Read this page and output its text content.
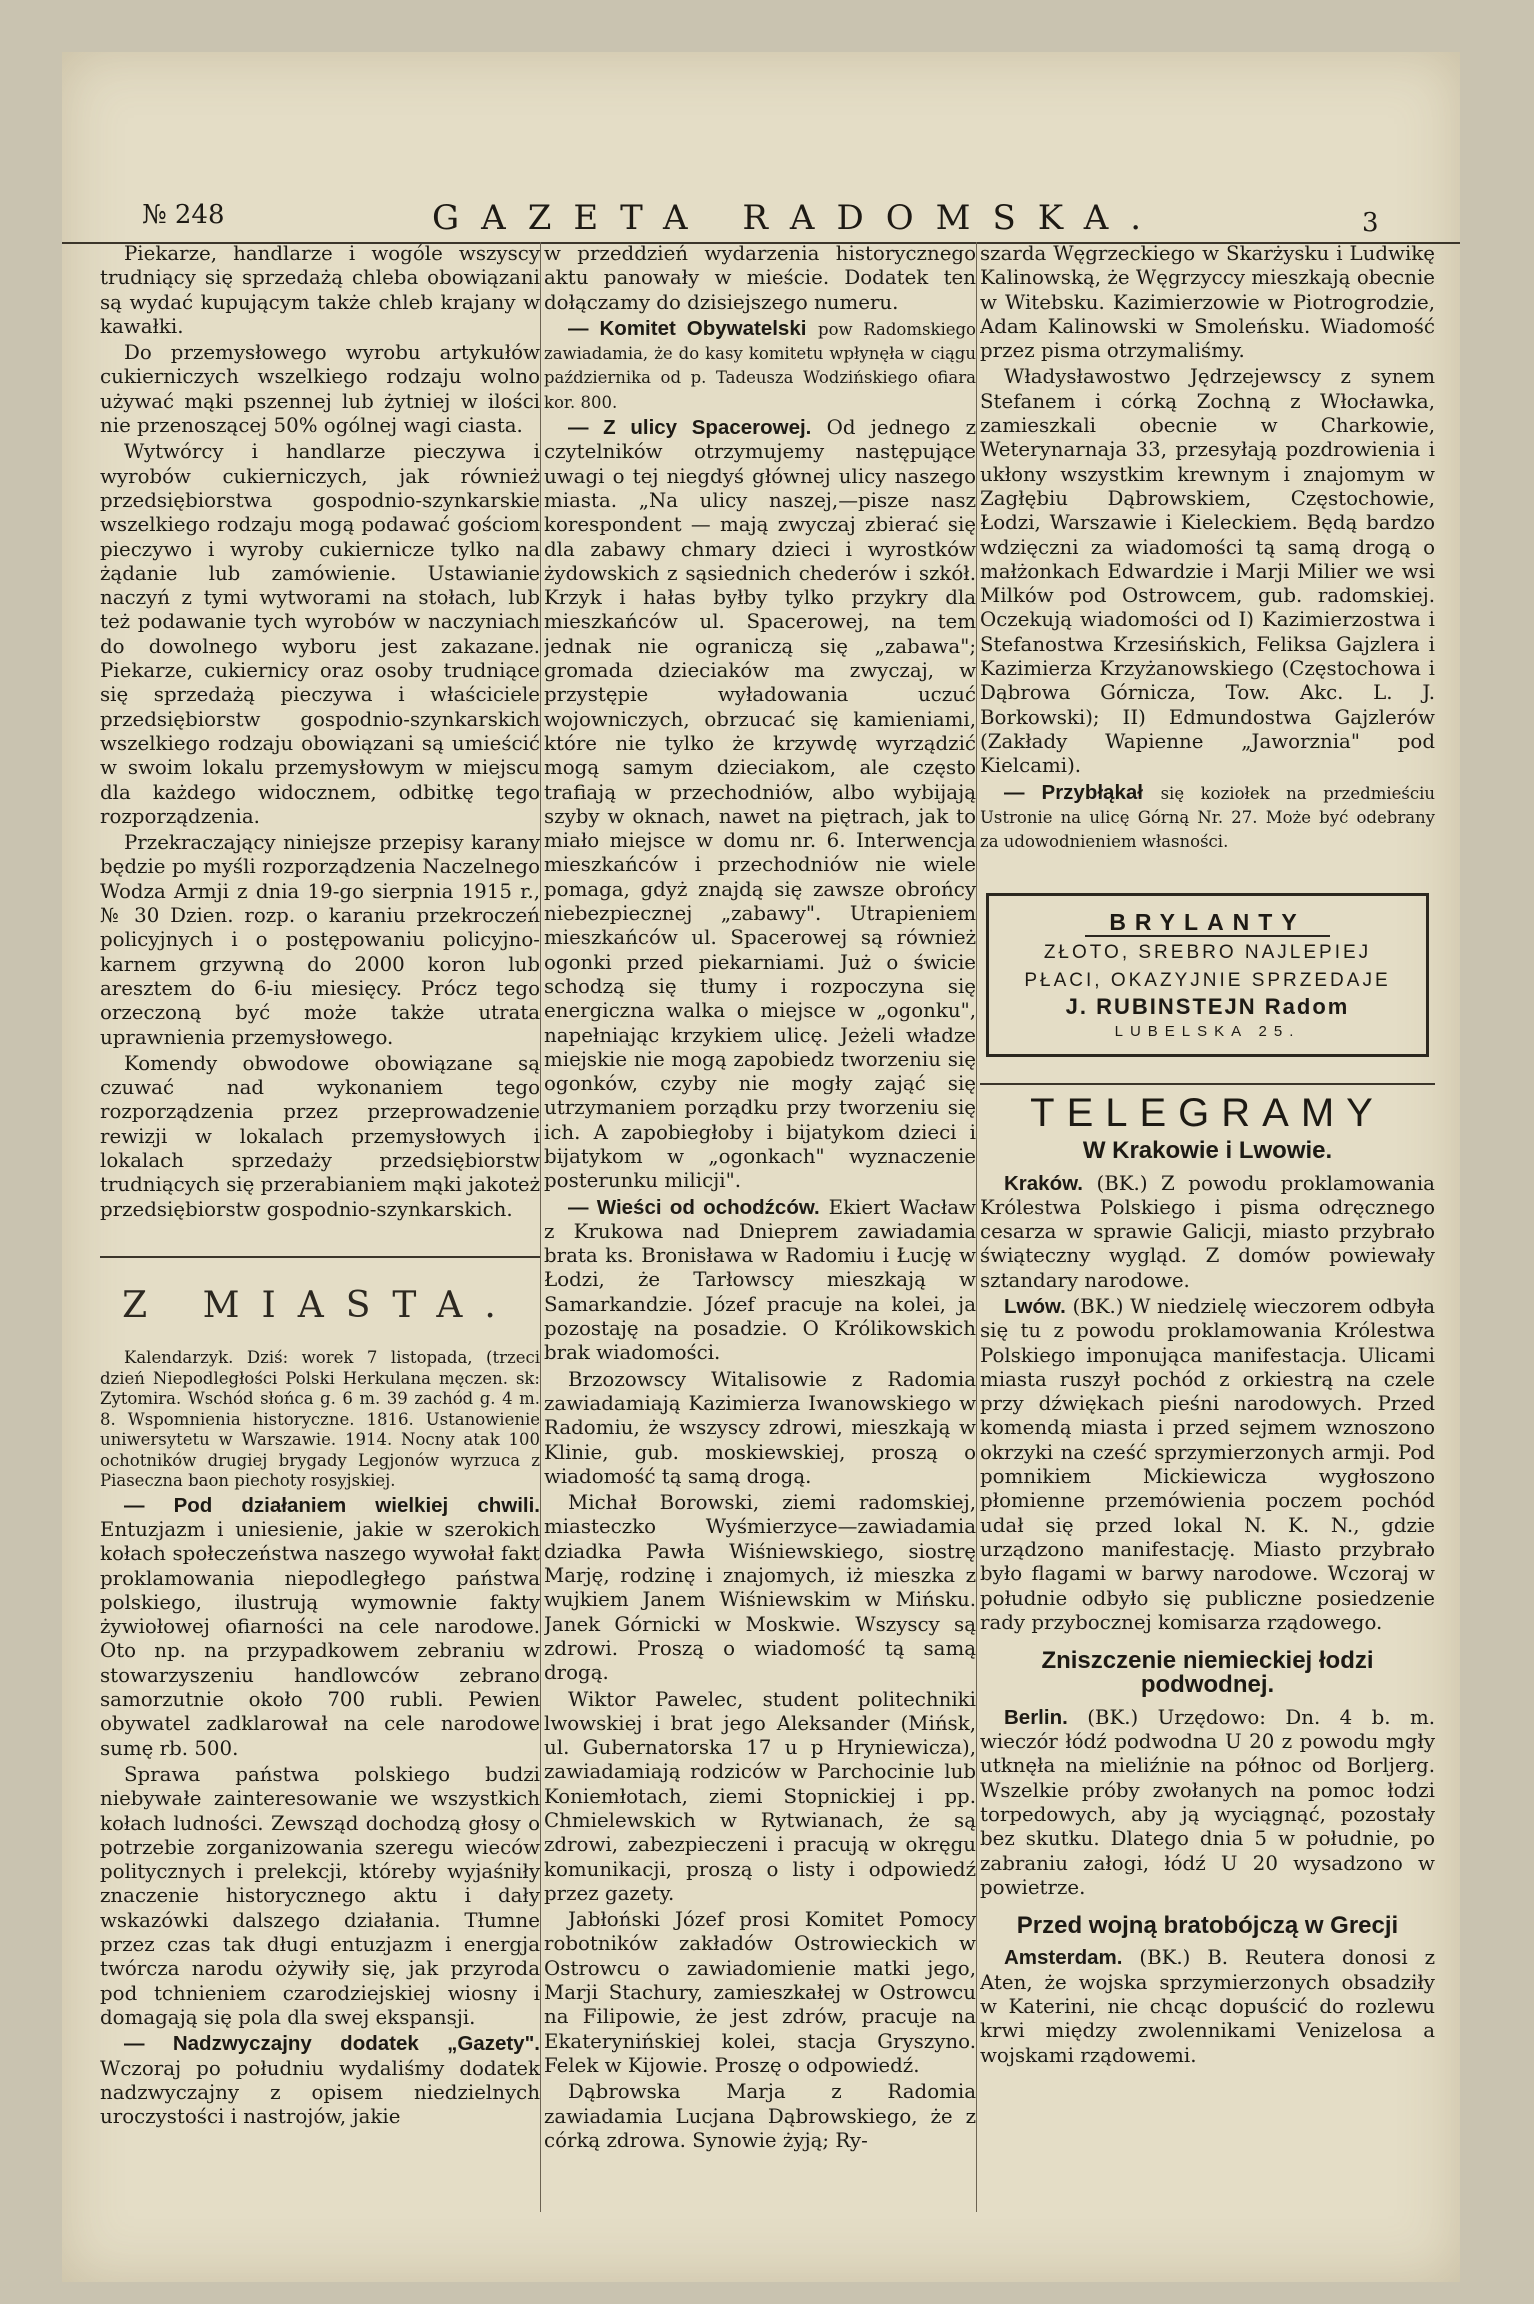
№ 248	GAZETA RADOMSKA.	3

Piekarze, handlarze i wogóle wszyscy trudniący się sprzedażą chleba obowiązani są wydać kupującym także chleb krajany w kawałki.

Do przemysłowego wyrobu artykułów cukierniczych wszelkiego rodzaju wolno używać mąki pszennej lub żytniej w ilości nie przenoszącej 50% ogólnej wagi ciasta.

Wytwórcy i handlarze pieczywa i wyrobów cukierniczych, jak również przedsiębiorstwa gospodnio-szynkarskie wszelkiego rodzaju mogą podawać gościom pieczywo i wyroby cukiernicze tylko na żądanie lub zamówienie. Ustawianie naczyń z tymi wytworami na stołach, lub też podawanie tych wyrobów w naczyniach do dowolnego wyboru jest zakazane. Piekarze, cukiernicy oraz osoby trudniące się sprzedażą pieczywa i właściciele przedsiębiorstw gospodnio-szynkarskich wszelkiego rodzaju obowiązani są umieścić w swoim lokalu przemysłowym w miejscu dla każdego widocznem, odbitkę tego rozporządzenia.

Przekraczający niniejsze przepisy karany będzie po myśli rozporządzenia Naczelnego Wodza Armji z dnia 19-go sierpnia 1915 r., № 30 Dzien. rozp. o karaniu przekroczeń policyjnych i o postępowaniu policyjno-karnem grzywną do 2000 koron lub aresztem do 6-iu miesięcy. Prócz tego orzeczoną być może także utrata uprawnienia przemysłowego.

Komendy obwodowe obowiązane są czuwać nad wykonaniem tego rozporządzenia przez przeprowadzenie rewizji w lokalach przemysłowych i lokalach sprzedaży przedsiębiorstw trudniących się przerabianiem mąki jakoteż przedsiębiorstw gospodnio-szynkarskich.

Z MIASTA.

Kalendarzyk. Dziś: worek 7 listopada, (trzeci dzień Niepodległości Polski Herkulana męczen. sk: Zytomira. Wschód słońca g. 6 m. 39 zachód g. 4 m. 8. Wspomnienia historyczne. 1816. Ustanowienie uniwersytetu w Warszawie. 1914. Nocny atak 100 ochotników drugiej brygady Legjonów wyrzuca z Piaseczna baon piechoty rosyjskiej.

— Pod działaniem wielkiej chwili. Entuzjazm i uniesienie, jakie w szerokich kołach społeczeństwa naszego wywołał fakt proklamowania niepodległego państwa polskiego, ilustrują wymownie fakty żywiołowej ofiarności na cele narodowe. Oto np. na przypadkowem zebraniu w stowarzyszeniu handlowców zebrano samorzutnie około 700 rubli. Pewien obywatel zadklarował na cele narodowe sumę rb. 500.

Sprawa państwa polskiego budzi niebywałe zainteresowanie we wszystkich kołach ludności. Zewsząd dochodzą głosy o potrzebie zorganizowania szeregu wieców politycznych i prelekcji, któreby wyjaśniły znaczenie historycznego aktu i dały wskazówki dalszego działania. Tłumne przez czas tak długi entuzjazm i energja twórcza narodu ożywiły się, jak przyroda pod tchnieniem czarodziejskiej wiosny i domagają się pola dla swej ekspansji.

— Nadzwyczajny dodatek „Gazety". Wczoraj po południu wydaliśmy dodatek nadzwyczajny z opisem niedzielnych uroczystości i nastrojów, jakie

w przeddzień wydarzenia historycznego aktu panowały w mieście. Dodatek ten dołączamy do dzisiejszego numeru.

— Komitet Obywatelski pow Radomskiego zawiadamia, że do kasy komitetu wpłynęła w ciągu października od p. Tadeusza Wodzińskiego ofiara kor. 800.

— Z ulicy Spacerowej. Od jednego z czytelników otrzymujemy następujące uwagi o tej niegdyś głównej ulicy naszego miasta. „Na ulicy naszej,—pisze nasz korespondent — mają zwyczaj zbierać się dla zabawy chmary dzieci i wyrostków żydowskich z sąsiednich chederów i szkół. Krzyk i hałas byłby tylko przykry dla mieszkańców ul. Spacerowej, na tem jednak nie ograniczą się „zabawa"; gromada dzieciaków ma zwyczaj, w przystępie wyładowania uczuć wojowniczych, obrzucać się kamieniami, które nie tylko że krzywdę wyrządzić mogą samym dzieciakom, ale często trafiają w przechodniów, albo wybijają szyby w oknach, nawet na piętrach, jak to miało miejsce w domu nr. 6. Interwencja mieszkańców i przechodniów nie wiele pomaga, gdyż znajdą się zawsze obrońcy niebezpiecznej „zabawy". Utrapieniem mieszkańców ul. Spacerowej są również ogonki przed piekarniami. Już o świcie schodzą się tłumy i rozpoczyna się energiczna walka o miejsce w „ogonku", napełniając krzykiem ulicę. Jeżeli władze miejskie nie mogą zapobiedz tworzeniu się ogonków, czyby nie mogły zająć się utrzymaniem porządku przy tworzeniu się ich. A zapobiegłoby i bijatykom dzieci i bijatykom w „ogonkach" wyznaczenie posterunku milicji".

— Wieści od ochodźców. Ekiert Wacław z Krukowa nad Dnieprem zawiadamia brata ks. Bronisława w Radomiu i Łucję w Łodzi, że Tarłowscy mieszkają w Samarkandzie. Józef pracuje na kolei, ja pozostaję na posadzie. O Królikowskich brak wiadomości.

Brzozowscy Witalisowie z Radomia zawiadamiają Kazimierza Iwanowskiego w Radomiu, że wszyscy zdrowi, mieszkają w Klinie, gub. moskiewskiej, proszą o wiadomość tą samą drogą.

Michał Borowski, ziemi radomskiej, miasteczko Wyśmierzyce—zawiadamia dziadka Pawła Wiśniewskiego, siostrę Marję, rodzinę i znajomych, iż mieszka z wujkiem Janem Wiśniewskim w Mińsku. Janek Górnicki w Moskwie. Wszyscy są zdrowi. Proszą o wiadomość tą samą drogą.

Wiktor Pawelec, student politechniki lwowskiej i brat jego Aleksander (Mińsk, ul. Gubernatorska 17 u p Hryniewicza), zawiadamiają rodziców w Parchocinie lub Koniemłotach, ziemi Stopnickiej i pp. Chmielewskich w Rytwianach, że są zdrowi, zabezpieczeni i pracują w okręgu komunikacji, proszą o listy i odpowiedź przez gazety.

Jabłoński Józef prosi Komitet Pomocy robotników zakładów Ostrowieckich w Ostrowcu o zawiadomienie matki jego, Marji Stachury, zamieszkałej w Ostrowcu na Filipowie, że jest zdrów, pracuje na Ekaterynińskiej kolei, stacja Gryszyno. Felek w Kijowie. Proszę o odpowiedź.

Dąbrowska Marja z Radomia zawiadamia Lucjana Dąbrowskiego, że z córką zdrowa. Synowie żyją; Ry-

szarda Węgrzeckiego w Skarżysku i Ludwikę Kalinowską, że Węgrzyccy mieszkają obecnie w Witebsku. Kazimierzowie w Piotrogrodzie, Adam Kalinowski w Smoleńsku. Wiadomość przez pisma otrzymaliśmy.

Władysławostwo Jędrzejewscy z synem Stefanem i córką Zochną z Włocławka, zamieszkali obecnie w Charkowie, Weterynarnaja 33, przesyłają pozdrowienia i ukłony wszystkim krewnym i znajomym w Zagłębiu Dąbrowskiem, Częstochowie, Łodzi, Warszawie i Kieleckiem. Będą bardzo wdzięczni za wiadomości tą samą drogą o małżonkach Edwardzie i Marji Milier we wsi Milków pod Ostrowcem, gub. radomskiej. Oczekują wiadomości od I) Kazimierzostwa i Stefanostwa Krzesińskich, Feliksa Gajzlera i Kazimierza Krzyżanowskiego (Częstochowa i Dąbrowa Górnicza, Tow. Akc. L. J. Borkowski); II) Edmundostwa Gajzlerów (Zakłady Wapienne „Jaworznia" pod Kielcami).

— Przybłąkał się koziołek na przedmieściu Ustronie na ulicę Górną Nr. 27. Może być odebrany za udowodnieniem własności.

BRYLANTY
ZŁOTO, SREBRO NAJLEPIEJ
PŁACI, OKAZYJNIE SPRZEDAJE
J. RUBINSTEJN Radom
LUBELSKA 25.
TELEGRAMY
W Krakowie i Lwowie.

Kraków. (BK.) Z powodu proklamowania Królestwa Polskiego i pisma odręcznego cesarza w sprawie Galicji, miasto przybrało świąteczny wygląd. Z domów powiewały sztandary narodowe.

Lwów. (BK.) W niedzielę wieczorem odbyła się tu z powodu proklamowania Królestwa Polskiego imponująca manifestacja. Ulicami miasta ruszył pochód z orkiestrą na czele przy dźwiękach pieśni narodowych. Przed komendą miasta i przed sejmem wznoszono okrzyki na cześć sprzymierzonych armji. Pod pomnikiem Mickiewicza wygłoszono płomienne przemówienia poczem pochód udał się przed lokal N. K. N., gdzie urządzono manifestację. Miasto przybrało było flagami w barwy narodowe. Wczoraj w południe odbyło się publiczne posiedzenie rady przybocznej komisarza rządowego.

Zniszczenie niemieckiej łodzi podwodnej.

Berlin. (BK.) Urzędowo: Dn. 4 b. m. wieczór łódź podwodna U 20 z powodu mgły utknęła na mieliźnie na północ od Borljerg. Wszelkie próby zwołanych na pomoc łodzi torpedowych, aby ją wyciągnąć, pozostały bez skutku. Dlatego dnia 5 w południe, po zabraniu załogi, łódź U 20 wysadzono w powietrze.

Przed wojną bratobójczą w Grecji

Amsterdam. (BK.) B. Reutera donosi z Aten, że wojska sprzymierzonych obsadziły w Katerini, nie chcąc dopuścić do rozlewu krwi między zwolennikami Venizelosa a wojskami rządowemi.
